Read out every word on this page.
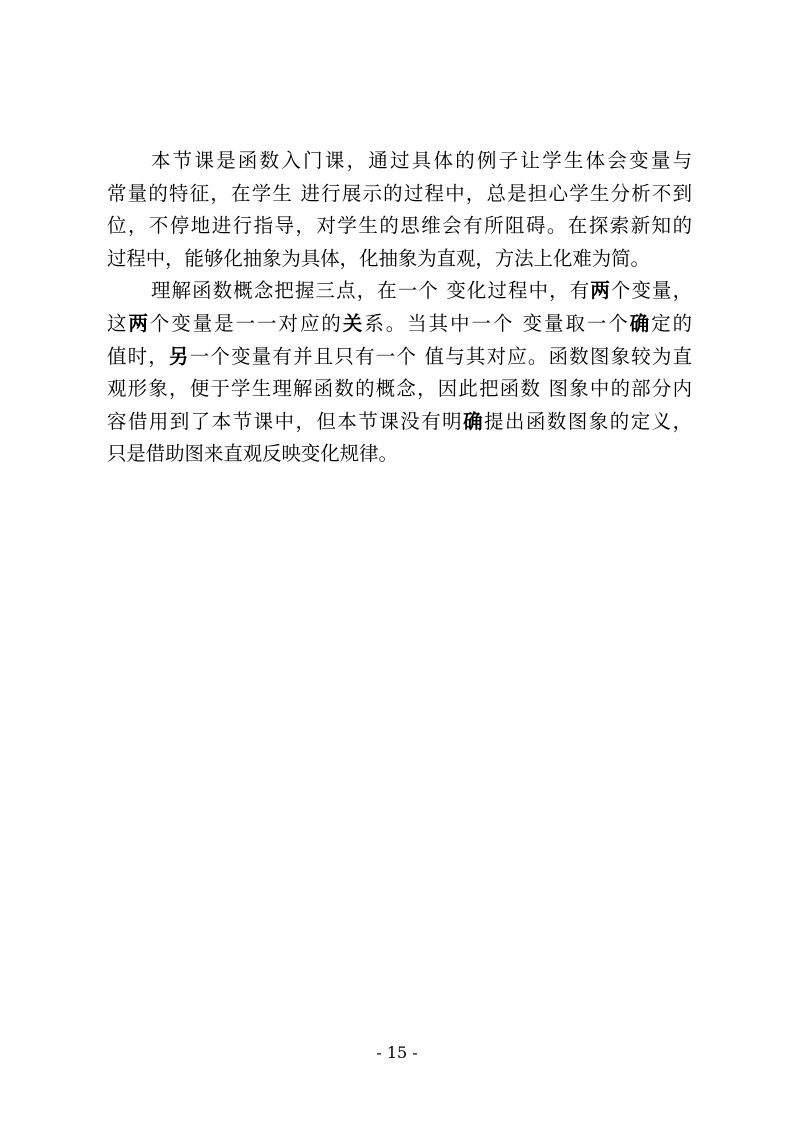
本节课是函数入门课，通过具体的例子让学生体会变量与
常量的特征，在学生 进行展示的过程中，总是担心学生分析不到
位，不停地进行指导，对学生的思维会有所阻碍。在探索新知的
过程中，能够化抽象为具体，化抽象为直观，方法上化难为简。
理解函数概念把握三点，在一个 变化过程中，有两个变量，
这两个变量是一一对应的关系。当其中一个 变量取一个确定的
值时，另一个变量有并且只有一个 值与其对应。函数图象较为直
观形象，便于学生理解函数的概念，因此把函数 图象中的部分内
容借用到了本节课中，但本节课没有明确提出函数图象的定义，
只是借助图来直观反映变化规律。
- 15 -
